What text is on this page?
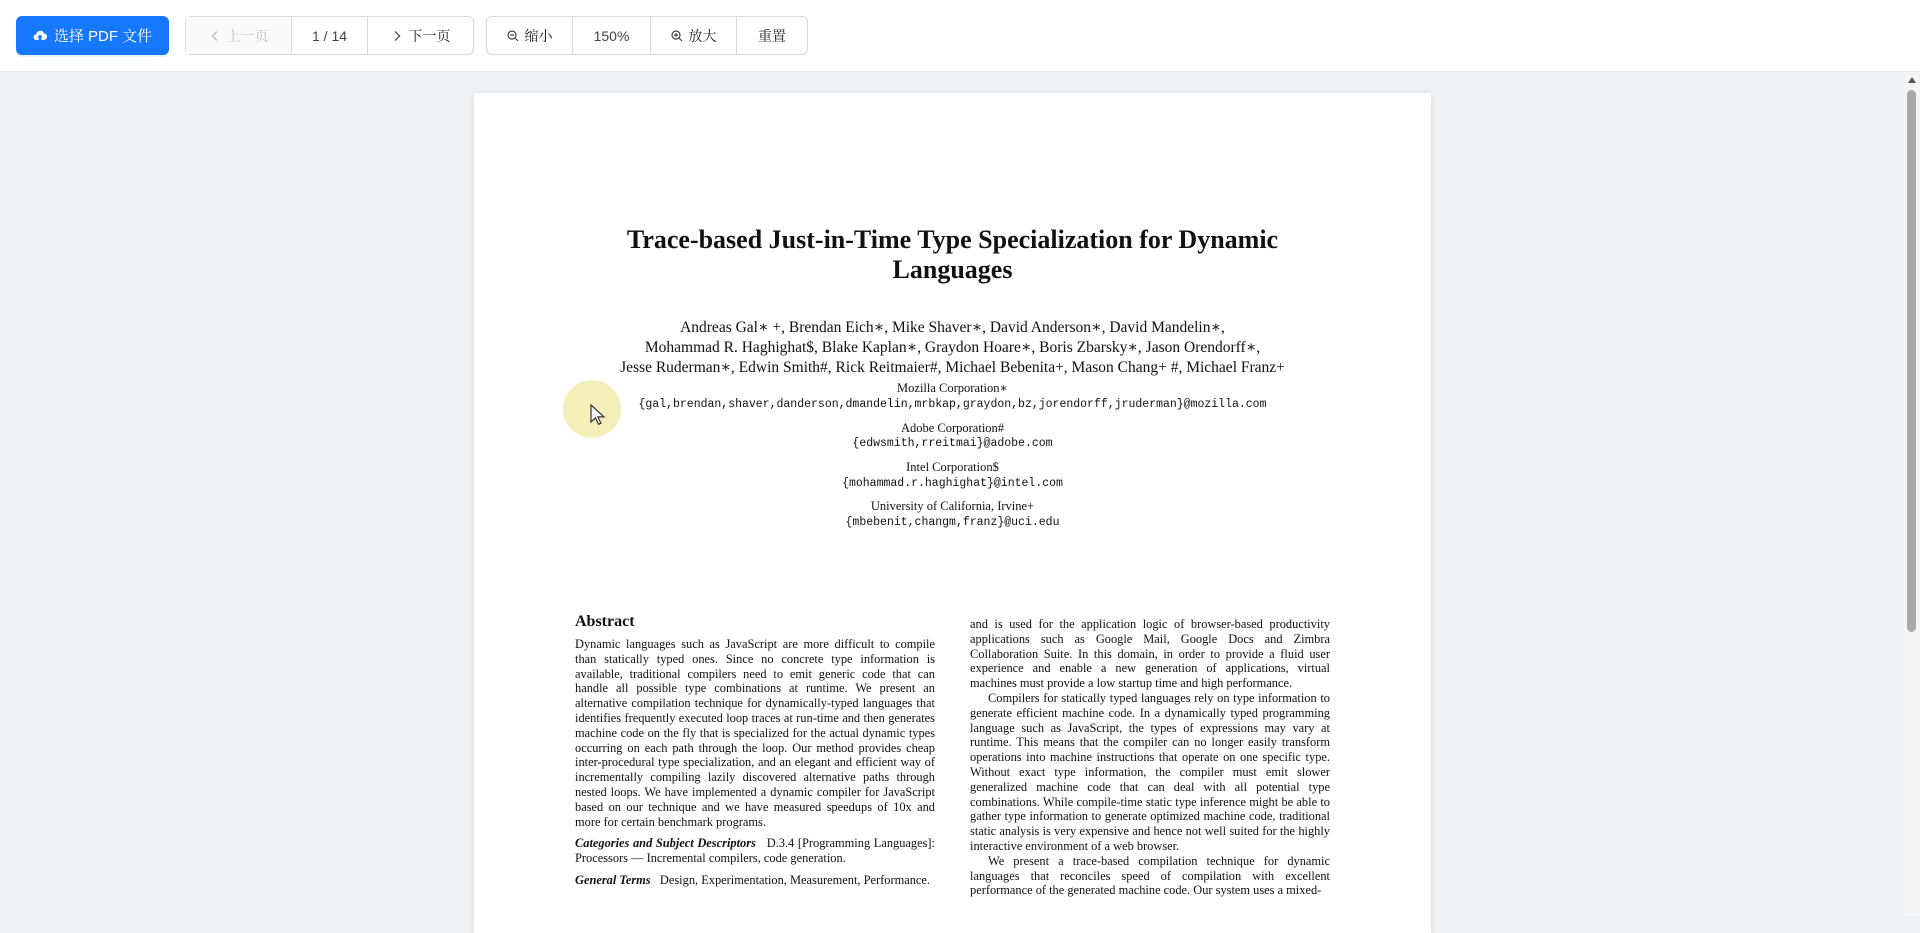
选择 PDF 文件	上一页	1 / 14	下一页	缩小	150%	放大	重置
Trace-based Just-in-Time Type Specialization for Dynamic
Languages
Andreas Gal∗ +, Brendan Eich∗, Mike Shaver∗, David Anderson∗, David Mandelin∗,
Mohammad R. Haghighat$, Blake Kaplan∗, Graydon Hoare∗, Boris Zbarsky∗, Jason Orendorff∗,
Jesse Ruderman∗, Edwin Smith#, Rick Reitmaier#, Michael Bebenita+, Mason Chang+ #, Michael Franz+
Mozilla Corporation∗
{gal,brendan,shaver,danderson,dmandelin,mrbkap,graydon,bz,jorendorff,jruderman}@mozilla.com
Adobe Corporation#
{edwsmith,rreitmai}@adobe.com
Intel Corporation$
{mohammad.r.haghighat}@intel.com
University of California, Irvine+
{mbebenit,changm,franz}@uci.edu
Abstract

Dynamic languages such as JavaScript are more difficult to compile than statically typed ones. Since no concrete type information is available, traditional compilers need to emit generic code that can handle all possible type combinations at runtime. We present an alternative compilation technique for dynamically-typed languages that identifies frequently executed loop traces at run-time and then generates machine code on the fly that is specialized for the actual dynamic types occurring on each path through the loop. Our method provides cheap inter-procedural type specialization, and an elegant and efficient way of incrementally compiling lazily discovered alternative paths through nested loops. We have implemented a dynamic compiler for JavaScript based on our technique and we have measured speedups of 10x and more for certain benchmark programs.

Categories and Subject Descriptors D.3.4 [Programming Languages]: Processors — Incremental compilers, code generation.

General Terms Design, Experimentation, Measurement, Performance.

and is used for the application logic of browser-based productivity applications such as Google Mail, Google Docs and Zimbra Collaboration Suite. In this domain, in order to provide a fluid user experience and enable a new generation of applications, virtual machines must provide a low startup time and high performance.

Compilers for statically typed languages rely on type information to generate efficient machine code. In a dynamically typed programming language such as JavaScript, the types of expressions may vary at runtime. This means that the compiler can no longer easily transform operations into machine instructions that operate on one specific type. Without exact type information, the compiler must emit slower generalized machine code that can deal with all potential type combinations. While compile-time static type inference might be able to gather type information to generate optimized machine code, traditional static analysis is very expensive and hence not well suited for the highly interactive environment of a web browser.

We present a trace-based compilation technique for dynamic languages that reconciles speed of compilation with excellent performance of the generated machine code. Our system uses a mixed-
